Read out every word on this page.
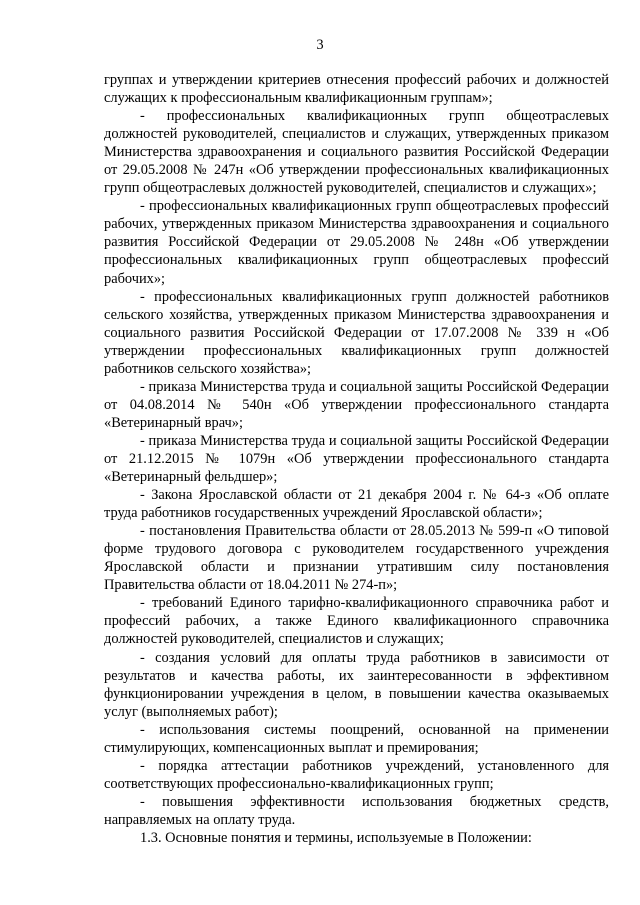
3

группах и утверждении критериев отнесения профессий рабочих и должностей служащих к профессиональным квалификационным группам»;

- профессиональных квалификационных групп общеотраслевых должностей руководителей, специалистов и служащих, утвержденных приказом Министерства здравоохранения и социального развития Российской Федерации от 29.05.2008 № 247н «Об утверждении профессиональных квалификационных групп общеотраслевых должностей руководителей, специалистов и служащих»;

- профессиональных квалификационных групп общеотраслевых профессий рабочих, утвержденных приказом Министерства здравоохранения и социального развития Российской Федерации от 29.05.2008 № 248н «Об утверждении профессиональных квалификационных групп общеотраслевых профессий рабочих»;

- профессиональных квалификационных групп должностей работников сельского хозяйства, утвержденных приказом Министерства здравоохранения и социального развития Российской Федерации от 17.07.2008 № 339 н «Об утверждении профессиональных квалификационных групп должностей работников сельского хозяйства»;

- приказа Министерства труда и социальной защиты Российской Федерации от 04.08.2014 № 540н «Об утверждении профессионального стандарта «Ветеринарный врач»;

- приказа Министерства труда и социальной защиты Российской Федерации от 21.12.2015 № 1079н «Об утверждении профессионального стандарта «Ветеринарный фельдшер»;

- Закона Ярославской области от 21 декабря 2004 г. № 64-з «Об оплате труда работников государственных учреждений Ярославской области»;

- постановления Правительства области от 28.05.2013 № 599-п «О типовой форме трудового договора с руководителем государственного учреждения Ярославской области и признании утратившим силу постановления Правительства области от 18.04.2011 № 274-п»;

- требований Единого тарифно-квалификационного справочника работ и профессий рабочих, а также Единого квалификационного справочника должностей руководителей, специалистов и служащих;

- создания условий для оплаты труда работников в зависимости от результатов и качества работы, их заинтересованности в эффективном функционировании учреждения в целом, в повышении качества оказываемых услуг (выполняемых работ);

- использования системы поощрений, основанной на применении стимулирующих, компенсационных выплат и премирования;

- порядка аттестации работников учреждений, установленного для соответствующих профессионально-квалификационных групп;

- повышения эффективности использования бюджетных средств, направляемых на оплату труда.

1.3. Основные понятия и термины, используемые в Положении:
